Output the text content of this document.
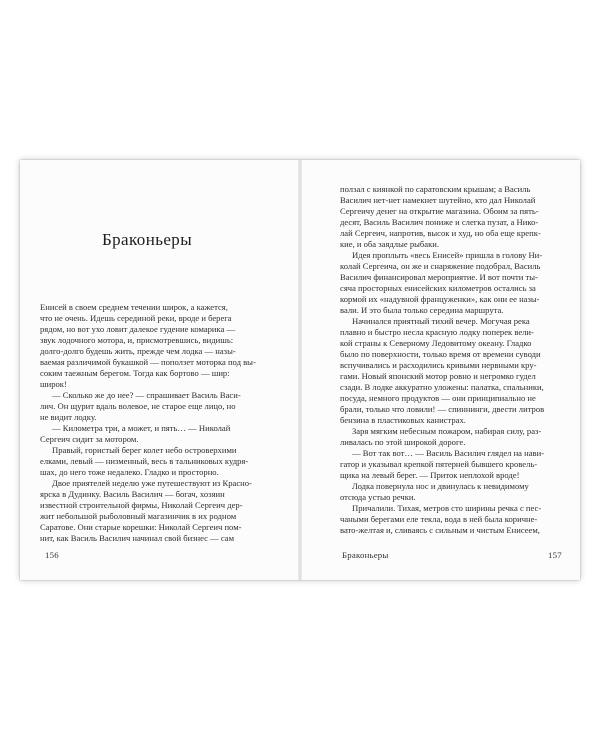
Браконьеры
Енисей в своем среднем течении широк, а кажется,
что не очень. Идешь серединой реки, вроде и берега
рядом, но вот ухо ловит далекое гудение комарика —
звук лодочного мотора, и, присмотревшись, видишь:
долго-долго будешь жить, прежде чем лодка — назы-
ваемая различимой букашкой — поползет моторка под вы-
соким таежным берегом. Тогда как бортово — шир:
широк!
— Сколько же до нее? — спрашивает Василь Васи-
лич. Он щурит вдаль волевое, не старое еще лицо, но
не видит лодку.
— Километра три, а может, и пять… — Николай
Сергеич сидит за мотором.
Правый, гористый берег колет небо островерхими
елками, левый — низменный, весь в тальниковых кудря-
шах, до него тоже недалеко. Гладко и просторно.
Двое приятелей неделю уже путешествуют из Красно-
ярска в Дудинку. Василь Василич — богач, хозяин
известной строительной фирмы, Николай Сергеич дер-
жит небольшой рыболовный магазинчик в их родном
Саратове. Они старые корешки: Николай Сергеич пом-
нит, как Василь Василич начинал свой бизнес — сам
ползал с киянкой по саратовским крышам; а Василь
Василич нет-нет намекнет шутейно, кто дал Николай
Сергеичу денег на открытие магазина. Обоим за пять-
десят, Василь Василич пониже и слегка пузат, а Нико-
лай Сергеич, напротив, высок и худ, но оба еще крепк-
кие, и оба заядлые рыбаки.
Идея проплыть «весь Енисей» пришла в голову Ни-
колай Сергеича, он же и снаряжение подобрал, Василь
Василич финансировал мероприятие. И вот почти ты-
сяча просторных енисейских километров остались за
кормой их «надувной француженки», как они ее назы-
вали. И это была только середина маршрута.
Начинался приятный тихий вечер. Могучая река
плавно и быстро несла красную лодку поперек вели-
кой страны к Северному Ледовитому океану. Гладко
было по поверхности, только время от времени суводи
вспучивались и расходились кривыми нервными кру-
гами. Новый японский мотор ровно и негромко гудел
сзади. В лодке аккуратно уложены: палатка, спальники,
посуда, немного продуктов — они принципиально не
брали, только что ловили! — спиннинги, двести литров
бензина в пластиковых канистрах.
Заря мягким небесным пожаром, набирая силу, раз-
ливалась по этой широкой дороге.
— Вот так вот… — Василь Василич глядел на нави-
гатор и указывал крепкой пятерней бывшего кровель-
щика на левый берег. — Приток неплохой вроде!
Лодка повернула нос и двинулась к невидимому
отсюда устью речки.
Причалили. Тихая, метров сто ширины речка с пес-
чаными берегами еле текла, вода в ней была коричне-
вато-желтая и, сливаясь с сильным и чистым Енисеем,
156	Браконьеры	157
